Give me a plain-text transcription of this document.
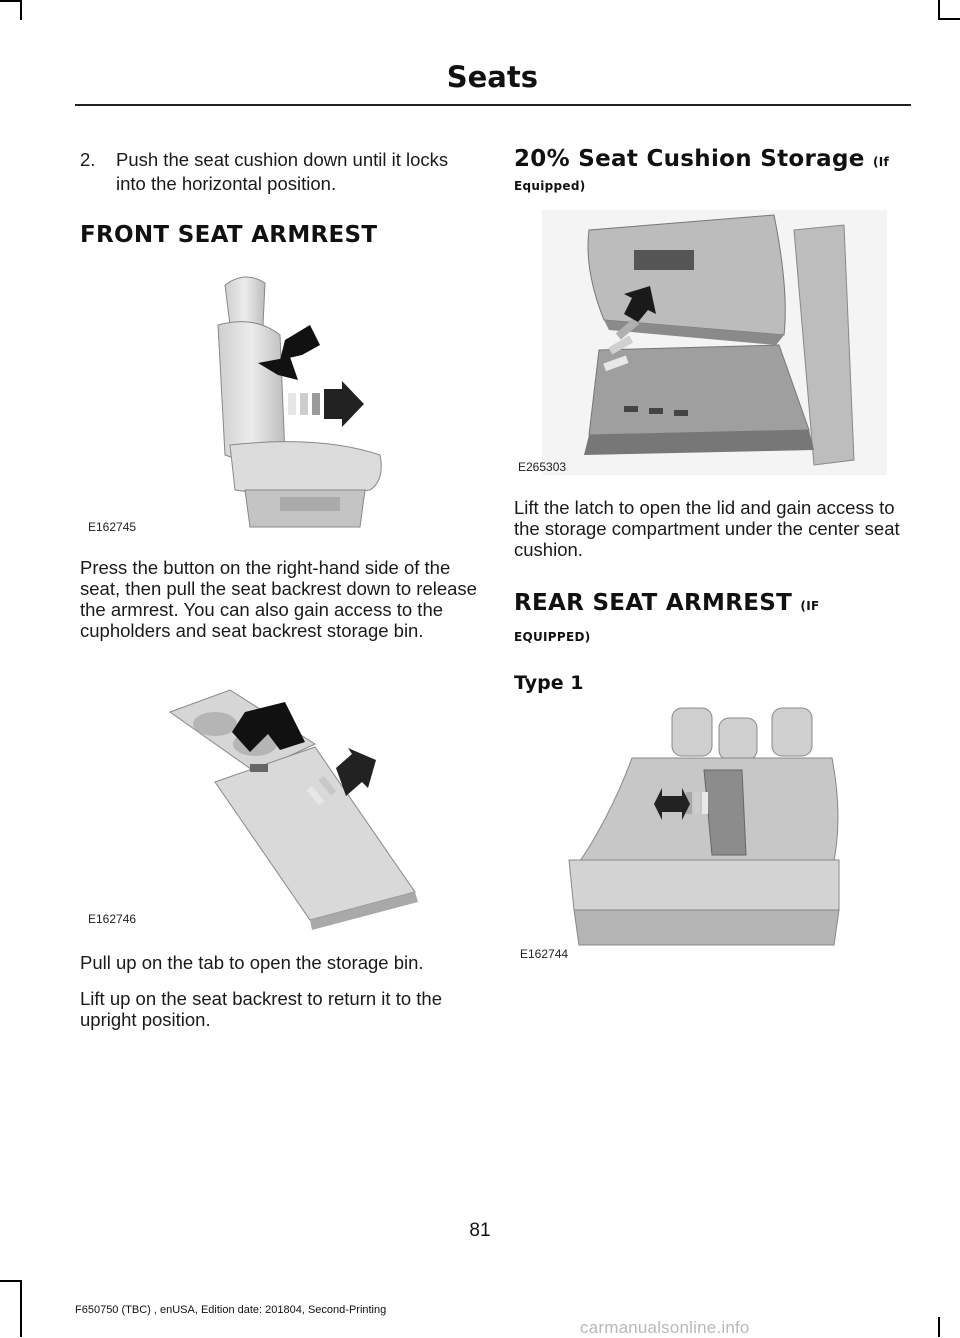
Seats
2. Push the seat cushion down until it locks into the horizontal position.
FRONT SEAT ARMREST
E162745
Press the button on the right-hand side of the seat, then pull the seat backrest down to release the armrest. You can also gain access to the cupholders and seat backrest storage bin.
E162746
Pull up on the tab to open the storage bin.
Lift up on the seat backrest to return it to the upright position.
20% Seat Cushion Storage (If
Equipped)
E265303
Lift the latch to open the lid and gain access to the storage compartment under the center seat cushion.
REAR SEAT ARMREST (IF
EQUIPPED)
Type 1
E162744
81
F650750 (TBC) , enUSA, Edition date: 201804, Second-Printing
carmanualsonline.info
